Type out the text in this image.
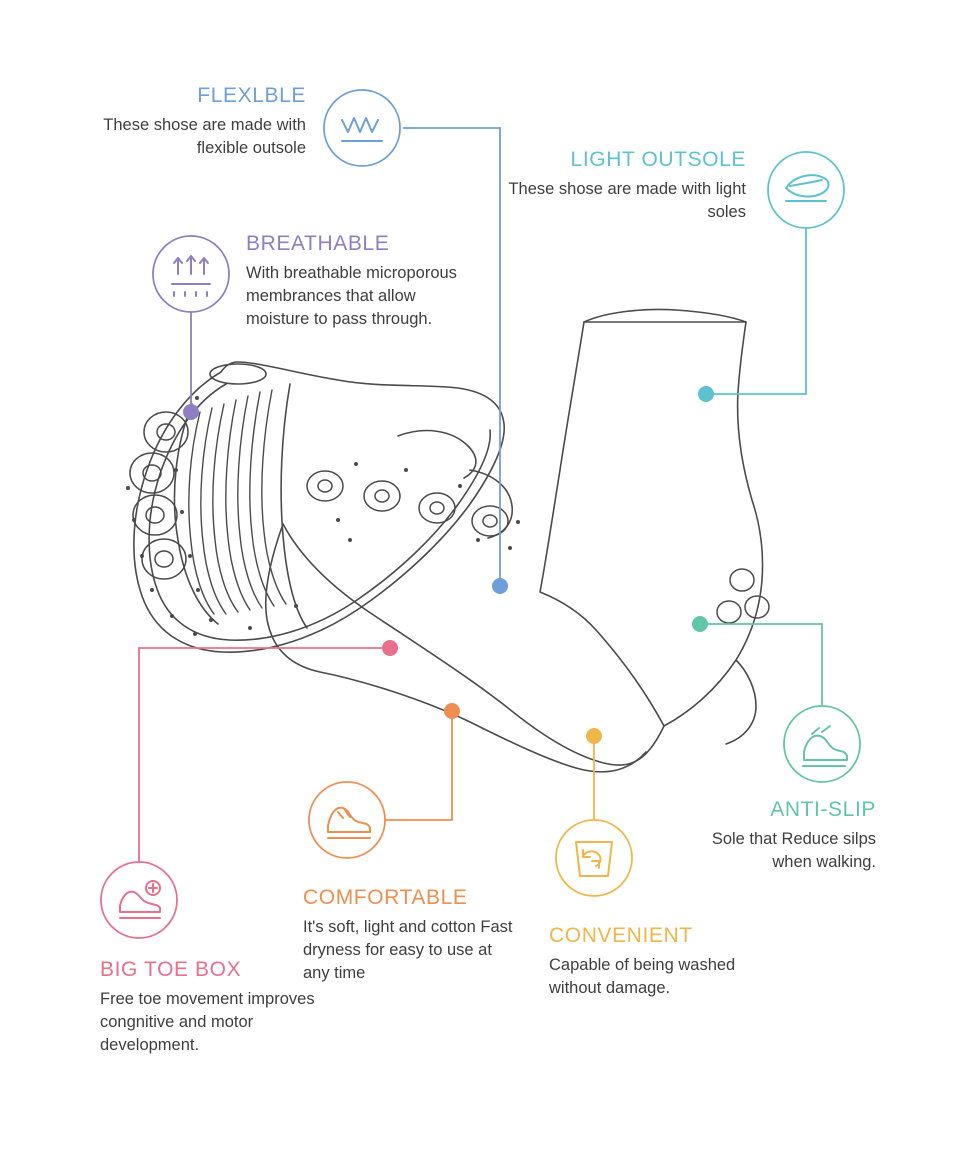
FLEXLBLE

These shose are made with flexible outsole

LIGHT OUTSOLE

These shose are made with light soles

BREATHABLE

With breathable microporous membrances that allow moisture to pass through.

BIG TOE BOX

Free toe movement improves congnitive and motor development.

COMFORTABLE

It's soft, light and cotton Fast dryness for easy to use at any time

CONVENIENT

Capable of being washed without damage.

ANTI-SLIP

Sole that Reduce silps when walking.
